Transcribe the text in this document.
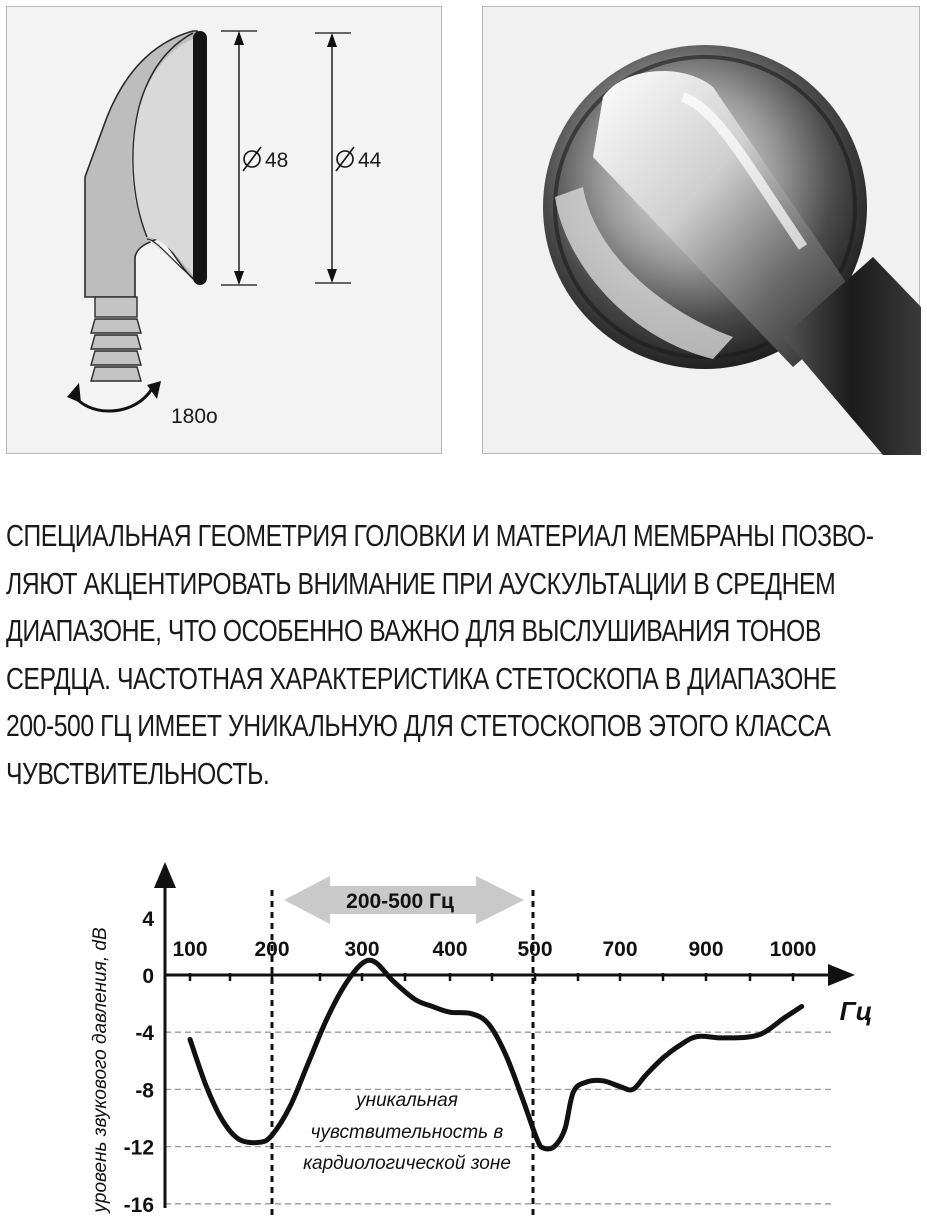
180о
48	44
СПЕЦИАЛЬНАЯ ГЕОМЕТРИЯ ГОЛОВКИ И МАТЕРИАЛ МЕМБРАНЫ ПОЗВО-
ЛЯЮТ АКЦЕНТИРОВАТЬ ВНИМАНИЕ ПРИ АУСКУЛЬТАЦИИ В СРЕДНЕМ
ДИАПАЗОНЕ, ЧТО ОСОБЕННО ВАЖНО ДЛЯ ВЫСЛУШИВАНИЯ ТОНОВ
СЕРДЦА. ЧАСТОТНАЯ ХАРАКТЕРИСТИКА СТЕТОСКОПА В ДИАПАЗОНЕ
200-500 ГЦ ИМЕЕТ УНИКАЛЬНУЮ ДЛЯ СТЕТОСКОПОВ ЭТОГО КЛАССА
ЧУВСТВИТЕЛЬНОСТЬ.
200-500 Гц
100 200	300	400 500 700 900 1000
4
0
-4
-8
-12
-16
Гц
уровень звукового давления, dB	уникальная
чувствительность в
кардиологической зоне
